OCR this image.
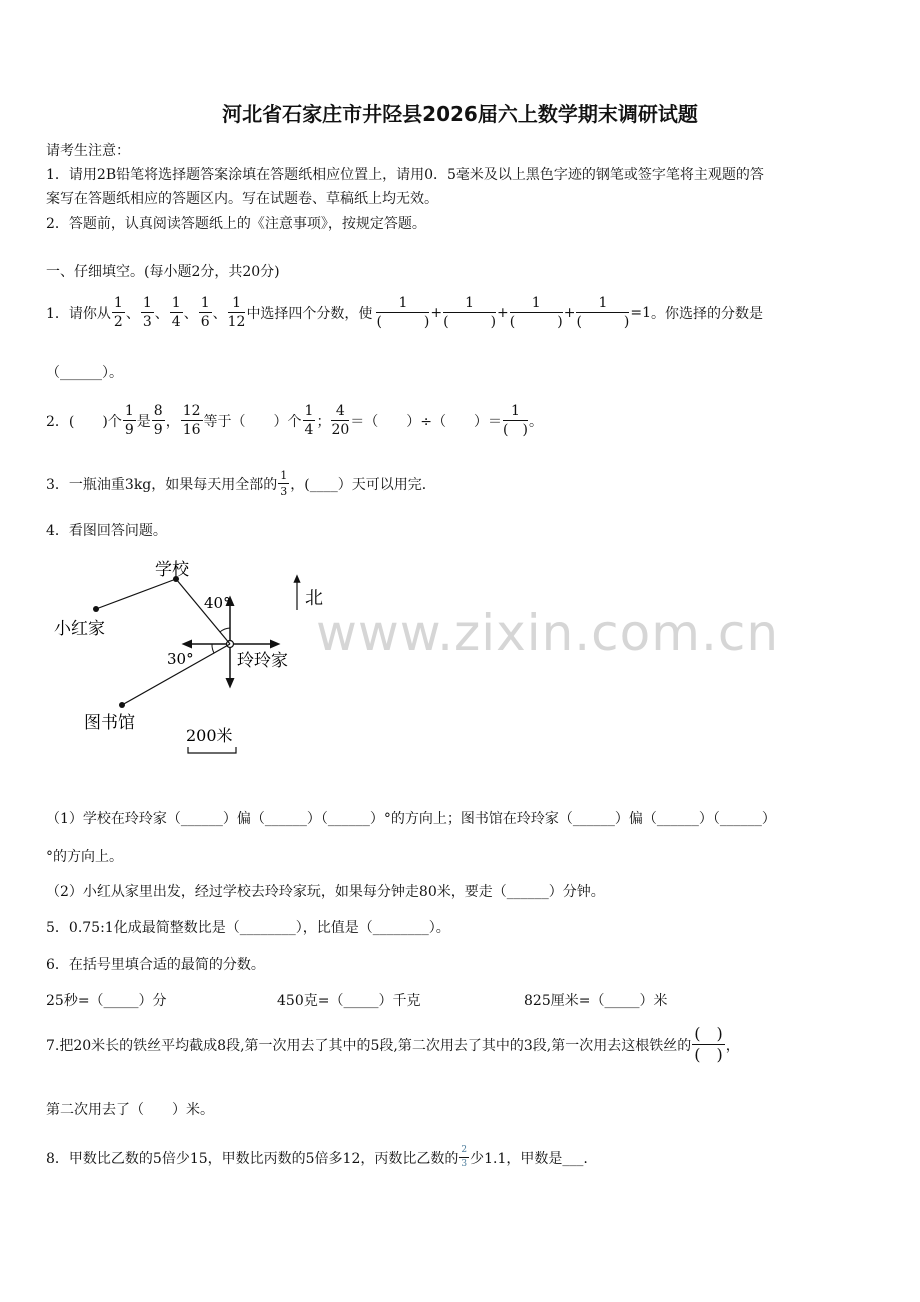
河北省石家庄市井陉县2026届六上数学期末调研试题
请考生注意：
1．请用2B铅笔将选择题答案涂填在答题纸相应位置上，请用0．5毫米及以上黑色字迹的钢笔或签字笔将主观题的答
案写在答题纸相应的答题区内。写在试题卷、草稿纸上均无效。
2．答题前，认真阅读答题纸上的《注意事项》，按规定答题。
一、仔细填空。(每小题2分，共20分)
1．请你从 $\frac{1}{2}$ 、 $\frac{1}{3}$ 、 $\frac{1}{4}$ 、 $\frac{1}{6}$ 、 $\frac{1}{12}$ 中选择四个分数，使 $\frac{1}{( )} + \frac{1}{( )} + \frac{1}{( )} + \frac{1}{( )} =1$ 。你选择的分数是
（______）。
2．(　　)个 $\frac{1}{9}$ 是 $\frac{8}{9}$ ， $\frac{12}{16}$ 等于（　　）个 $\frac{1}{4}$ ； $\frac{4}{20}$ ＝（　　）÷（　　）＝ $\frac{1}{( )}$ 。
3．一瓶油重3kg，如果每天用全部的 $\frac{1}{3}$ ，(____）天可以用完．
4．看图回答问题。
学校
小红家
玲玲家
图书馆
40°
30°
北
200米
www.zixin.com.cn
（1）学校在玲玲家（______）偏（______）（______）°的方向上；图书馆在玲玲家（______）偏（______）（______）
°的方向上。
（2）小红从家里出发，经过学校去玲玲家玩，如果每分钟走80米，要走（______）分钟。
5．0.75:1化成最简整数比是（________），比值是（________）。
6．在括号里填合适的最简的分数。
25秒=（_____）分	450克=（_____）千克	825厘米=（_____）米
7.把20米长的铁丝平均截成8段,第一次用去了其中的5段,第二次用去了其中的3段,第一次用去这根铁丝的 $\frac{( )}{( )}$ ，
第二次用去了（　　）米。
8．甲数比乙数的5倍少15，甲数比丙数的5倍多12，丙数比乙数的 $\frac{2}{3}$ 少1.1，甲数是___.
